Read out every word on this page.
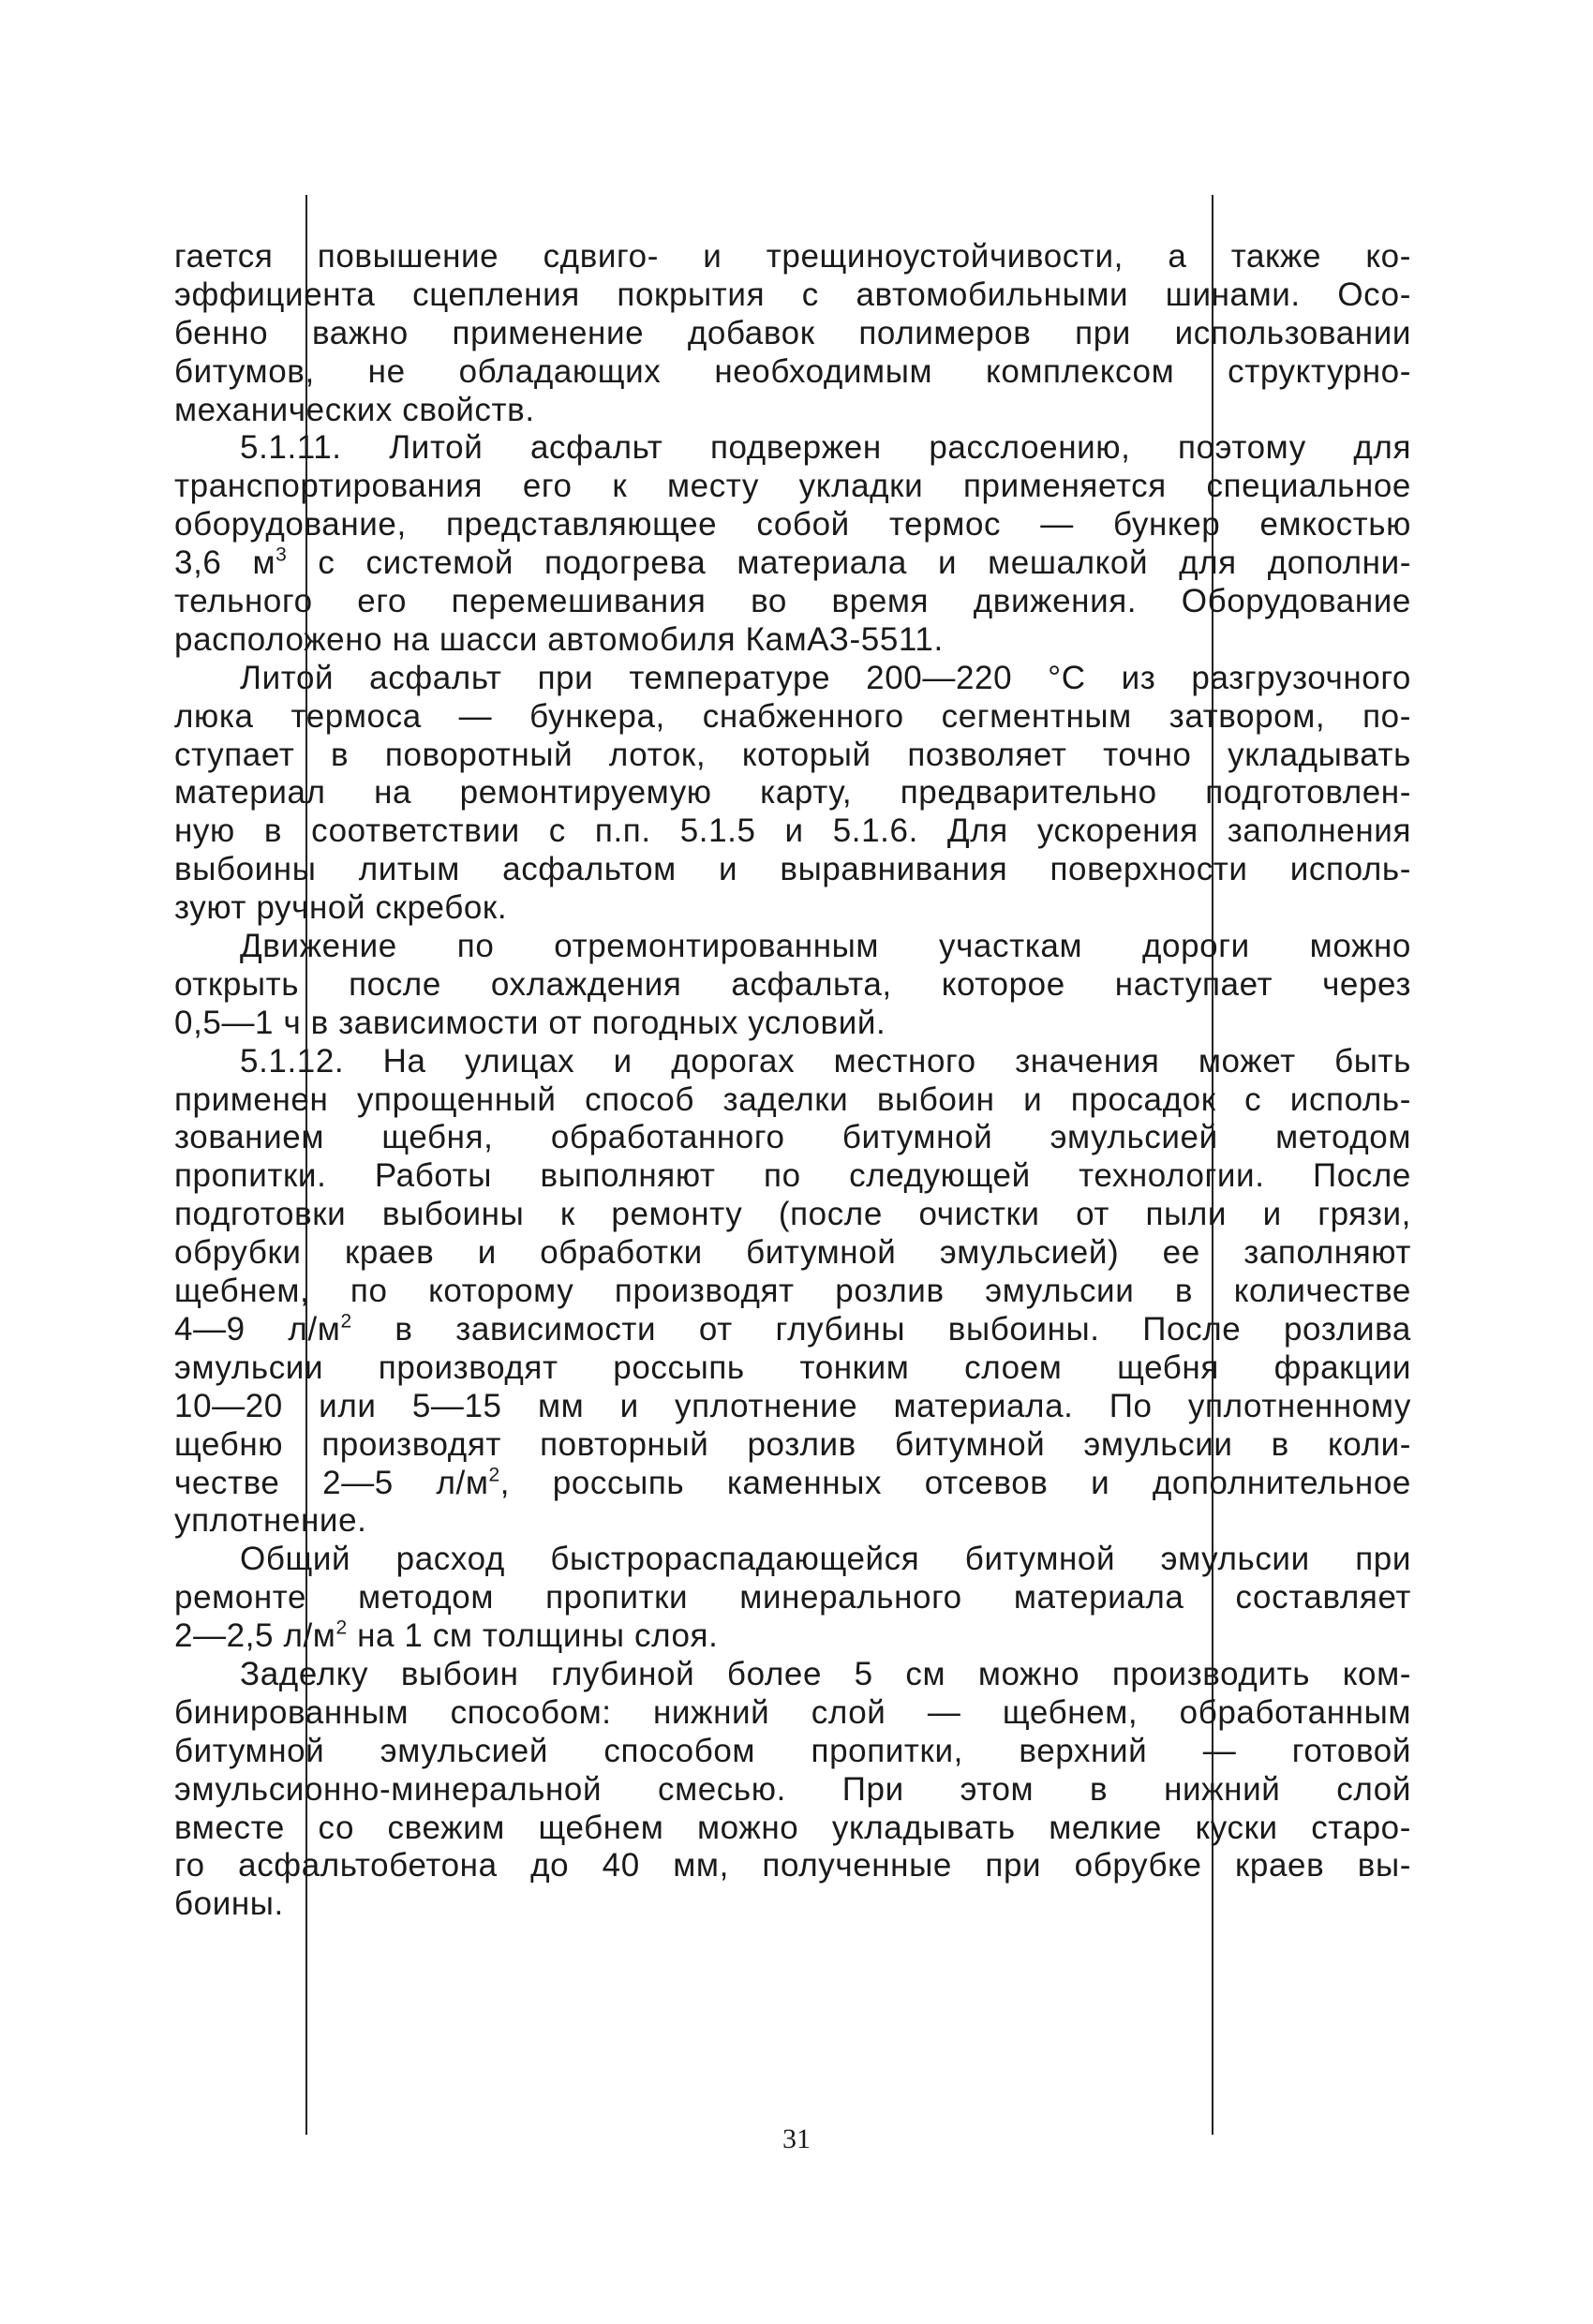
гается повышение сдвиго- и трещиноустойчивости, а также ко-
эффициента сцепления покрытия с автомобильными шинами. Осо-
бенно важно применение добавок полимеров при использовании
битумов, не обладающих необходимым комплексом структурно-
механических свойств.
5.1.11. Литой асфальт подвержен расслоению, поэтому для
транспортирования его к месту укладки применяется специальное
оборудование, представляющее собой термос — бункер емкостью
3,6 $м^3$ с системой подогрева материала и мешалкой для дополни-
тельного его перемешивания во время движения. Оборудование
расположено на шасси автомобиля КамАЗ-5511.
Литой асфальт при температуре 200—220 °С из разгрузочного
люка термоса — бункера, снабженного сегментным затвором, по-
ступает в поворотный лоток, который позволяет точно укладывать
материал на ремонтируемую карту, предварительно подготовлен-
ную в соответствии с п.п. 5.1.5 и 5.1.6. Для ускорения заполнения
выбоины литым асфальтом и выравнивания поверхности исполь-
зуют ручной скребок.
Движение по отремонтированным участкам дороги можно
открыть после охлаждения асфальта, которое наступает через
0,5—1 ч в зависимости от погодных условий.
5.1.12. На улицах и дорогах местного значения может быть
применен упрощенный способ заделки выбоин и просадок с исполь-
зованием щебня, обработанного битумной эмульсией методом
пропитки. Работы выполняют по следующей технологии. После
подготовки выбоины к ремонту (после очистки от пыли и грязи,
обрубки краев и обработки битумной эмульсией) ее заполняют
щебнем, по которому производят розлив эмульсии в количестве
4—9 $л/м^2$ в зависимости от глубины выбоины. После розлива
эмульсии производят россыпь тонким слоем щебня фракции
10—20 или 5—15 мм и уплотнение материала. По уплотненному
щебню производят повторный розлив битумной эмульсии в коли-
честве 2—5 $л/м^2$, россыпь каменных отсевов и дополнительное
уплотнение.
Общий расход быстрораспадающейся битумной эмульсии при
ремонте методом пропитки минерального материала составляет
2—2,5 $л/м^2$ на 1 см толщины слоя.
Заделку выбоин глубиной более 5 см можно производить ком-
бинированным способом: нижний слой — щебнем, обработанным
битумной эмульсией способом пропитки, верхний — готовой
эмульсионно-минеральной смесью. При этом в нижний слой
вместе со свежим щебнем можно укладывать мелкие куски старо-
го асфальтобетона до 40 мм, полученные при обрубке краев вы-
боины.
31
